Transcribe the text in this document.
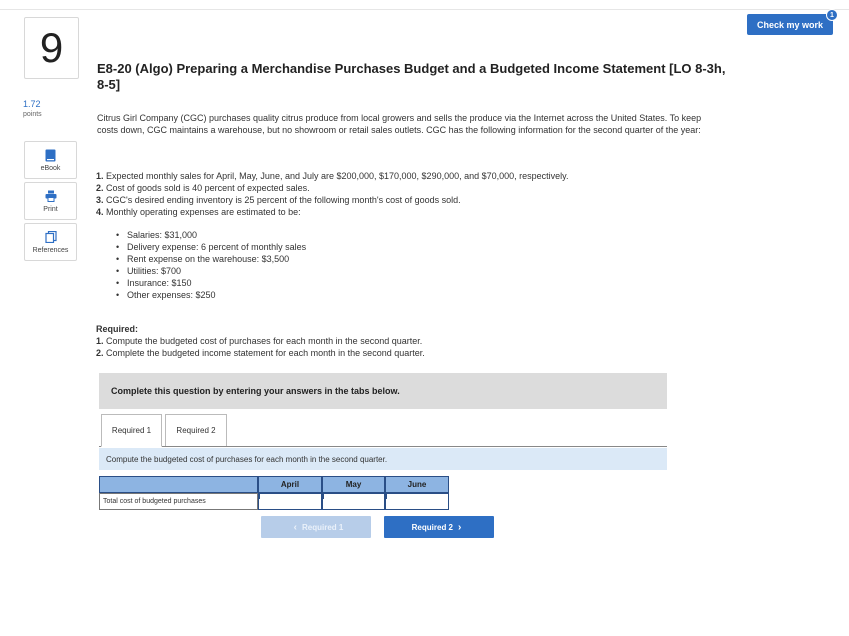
Check my work
1
9
1.72
points
eBook
Print
References
E8-20 (Algo) Preparing a Merchandise Purchases Budget and a Budgeted Income Statement [LO 8-3h, 8-5]
Citrus Girl Company (CGC) purchases quality citrus produce from local growers and sells the produce via the Internet across the United States. To keep costs down, CGC maintains a warehouse, but no showroom or retail sales outlets. CGC has the following information for the second quarter of the year:
1. Expected monthly sales for April, May, June, and July are $200,000, $170,000, $290,000, and $70,000, respectively.
2. Cost of goods sold is 40 percent of expected sales.
3. CGC's desired ending inventory is 25 percent of the following month's cost of goods sold.
4. Monthly operating expenses are estimated to be:
• Salaries: $31,000
• Delivery expense: 6 percent of monthly sales
• Rent expense on the warehouse: $3,500
• Utilities: $700
• Insurance: $150
• Other expenses: $250
Required:
1. Compute the budgeted cost of purchases for each month in the second quarter.
2. Complete the budgeted income statement for each month in the second quarter.
Complete this question by entering your answers in the tabs below.
Required 1	Required 2
Compute the budgeted cost of purchases for each month in the second quarter.
April	May	June
Total cost of budgeted purchases
‹ Required 1	Required 2 ›
